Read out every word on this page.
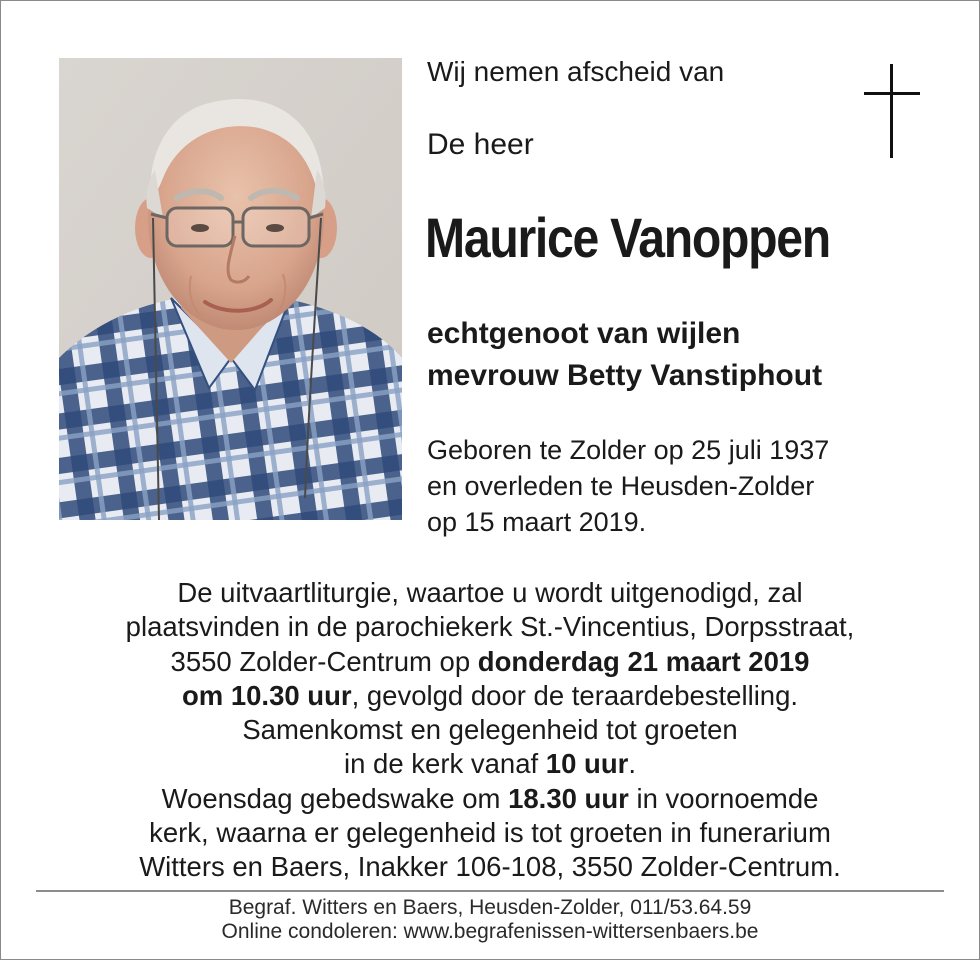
Wij nemen afscheid van
De heer
Maurice Vanoppen
echtgenoot van wijlen
mevrouw Betty Vanstiphout
Geboren te Zolder op 25 juli 1937
en overleden te Heusden-Zolder
op 15 maart 2019.
De uitvaartliturgie, waartoe u wordt uitgenodigd, zal
plaatsvinden in de parochiekerk St.-Vincentius, Dorpsstraat,
3550 Zolder-Centrum op donderdag 21 maart 2019
om 10.30 uur, gevolgd door de teraardebestelling.
Samenkomst en gelegenheid tot groeten
in de kerk vanaf 10 uur.
Woensdag gebedswake om 18.30 uur in voornoemde
kerk, waarna er gelegenheid is tot groeten in funerarium
Witters en Baers, Inakker 106-108, 3550 Zolder-Centrum.
Begraf. Witters en Baers, Heusden-Zolder, 011/53.64.59
Online condoleren: www.begrafenissen-wittersenbaers.be
